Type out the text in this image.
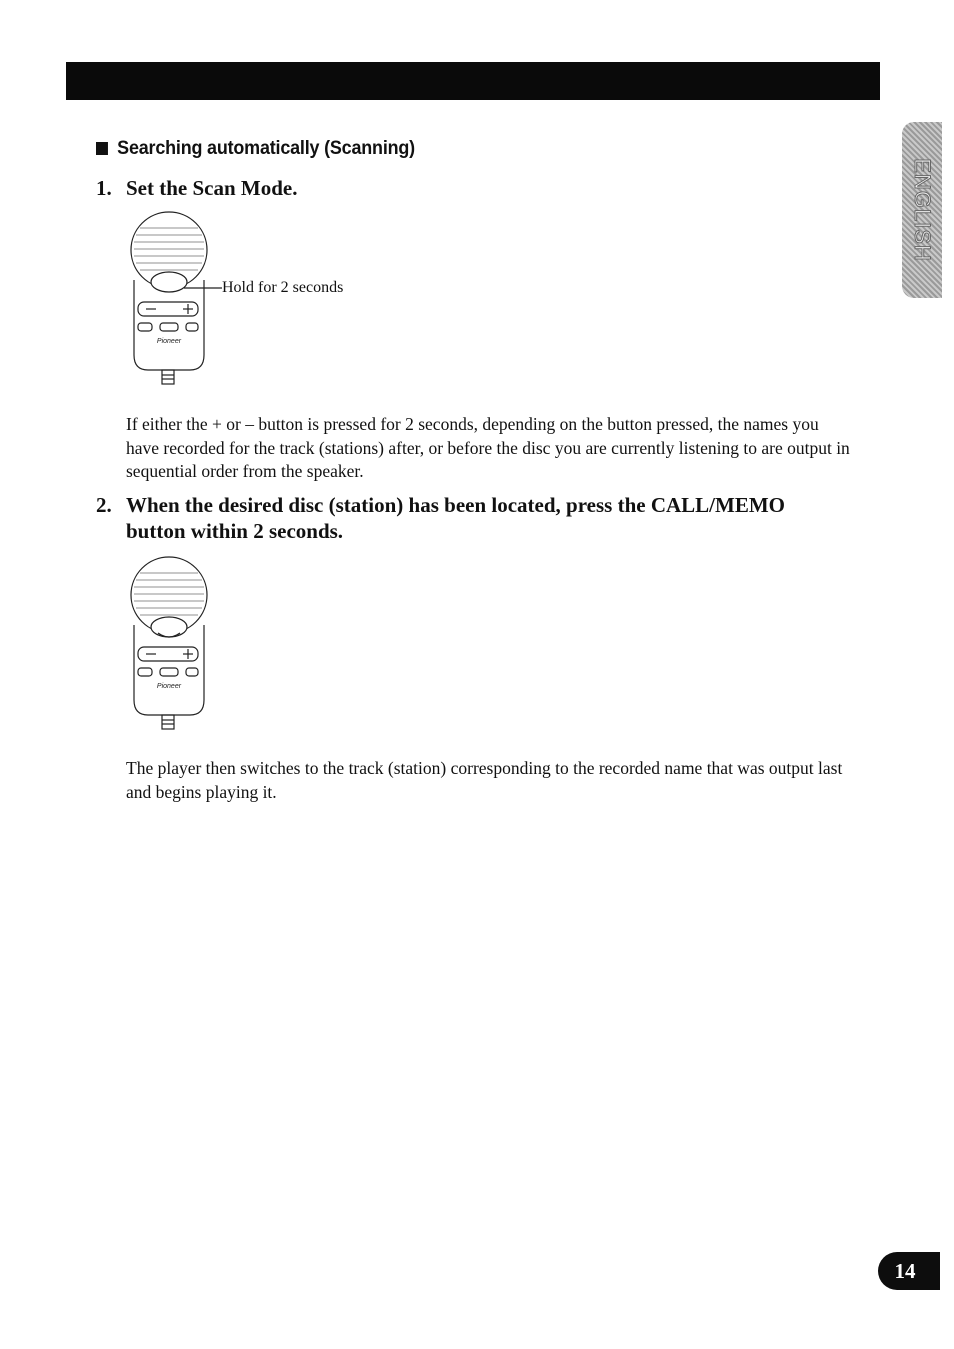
Searching automatically (Scanning)
1. Set the Scan Mode.
Pioneer
Hold for 2 seconds
If either the + or – button is pressed for 2 seconds, depending on the button pressed, the names you have recorded for the track (stations) after, or before the disc you are currently listening to are output in sequential order from the speaker.
2. When the desired disc (station) has been located, press the CALL/MEMO button within 2 seconds.
Pioneer
The player then switches to the track (station) corresponding to the recorded name that was output last and begins playing it.
ENGLISH
14
